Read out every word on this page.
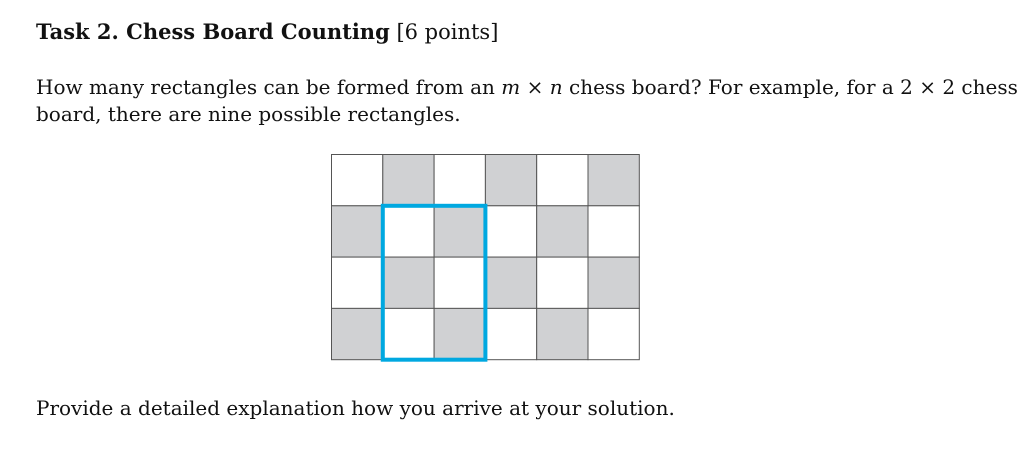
Task 2. Chess Board Counting [6 points]
How many rectangles can be formed from an m × n chess board? For example, for a 2 × 2 chess
board, there are nine possible rectangles.
Provide a detailed explanation how you arrive at your solution.
